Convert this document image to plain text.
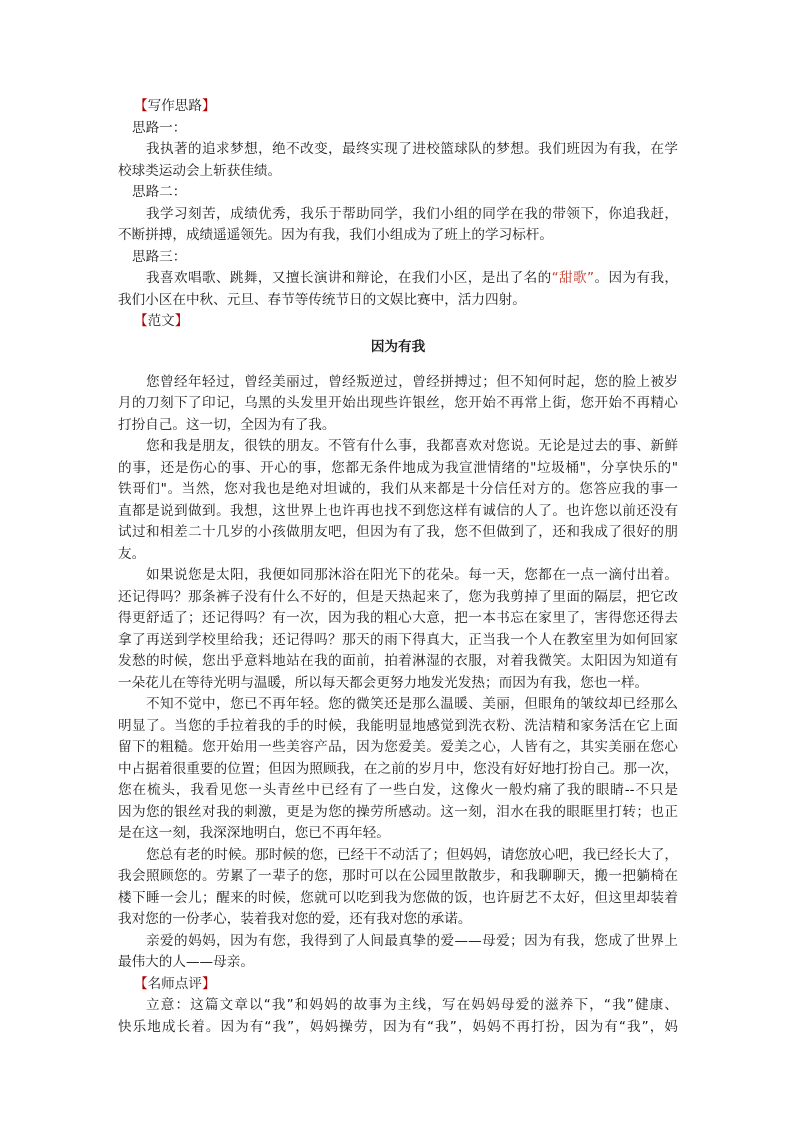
【写作思路】
思路一：
我执著的追求梦想，绝不改变，最终实现了进校篮球队的梦想。我们班因为有我，在学
校球类运动会上斩获佳绩。
思路二：
我学习刻苦，成绩优秀，我乐于帮助同学，我们小组的同学在我的带领下，你追我赶，
不断拼搏，成绩遥遥领先。因为有我，我们小组成为了班上的学习标杆。
思路三：
我喜欢唱歌、跳舞，又擅长演讲和辩论，在我们小区，是出了名的“甜歌”。因为有我，
我们小区在中秋、元旦、春节等传统节日的文娱比赛中，活力四射。
【范文】
因为有我
您曾经年轻过，曾经美丽过，曾经叛逆过，曾经拼搏过；但不知何时起，您的脸上被岁
月的刀刻下了印记，乌黑的头发里开始出现些许银丝，您开始不再常上街，您开始不再精心
打扮自己。这一切，全因为有了我。
您和我是朋友，很铁的朋友。不管有什么事，我都喜欢对您说。无论是过去的事、新鲜
的事，还是伤心的事、开心的事，您都无条件地成为我宣泄情绪的"垃圾桶"，分享快乐的"
铁哥们"。当然，您对我也是绝对坦诚的，我们从来都是十分信任对方的。您答应我的事一
直都是说到做到。我想，这世界上也许再也找不到您这样有诚信的人了。也许您以前还没有
试过和相差二十几岁的小孩做朋友吧，但因为有了我，您不但做到了，还和我成了很好的朋
友。
如果说您是太阳，我便如同那沐浴在阳光下的花朵。每一天，您都在一点一滴付出着。
还记得吗？那条裤子没有什么不好的，但是天热起来了，您为我剪掉了里面的隔层，把它改
得更舒适了；还记得吗？有一次，因为我的粗心大意，把一本书忘在家里了，害得您还得去
拿了再送到学校里给我；还记得吗？那天的雨下得真大，正当我一个人在教室里为如何回家
发愁的时候，您出乎意料地站在我的面前，拍着淋湿的衣服，对着我微笑。太阳因为知道有
一朵花儿在等待光明与温暖，所以每天都会更努力地发光发热；而因为有我，您也一样。
不知不觉中，您已不再年轻。您的微笑还是那么温暖、美丽，但眼角的皱纹却已经那么
明显了。当您的手拉着我的手的时候，我能明显地感觉到洗衣粉、洗洁精和家务活在它上面
留下的粗糙。您开始用一些美容产品，因为您爱美。爱美之心，人皆有之，其实美丽在您心
中占据着很重要的位置；但因为照顾我，在之前的岁月中，您没有好好地打扮自己。那一次，
您在梳头，我看见您一头青丝中已经有了一些白发，这像火一般灼痛了我的眼睛--不只是
因为您的银丝对我的刺激，更是为您的操劳所感动。这一刻，泪水在我的眼眶里打转；也正
是在这一刻，我深深地明白，您已不再年轻。
您总有老的时候。那时候的您，已经干不动活了；但妈妈，请您放心吧，我已经长大了，
我会照顾您的。劳累了一辈子的您，那时可以在公园里散散步，和我聊聊天，搬一把躺椅在
楼下睡一会儿；醒来的时候，您就可以吃到我为您做的饭，也许厨艺不太好，但这里却装着
我对您的一份孝心，装着我对您的爱，还有我对您的承诺。
亲爱的妈妈，因为有您，我得到了人间最真挚的爱——母爱；因为有我，您成了世界上
最伟大的人——母亲。
【名师点评】
立意：这篇文章以“我”和妈妈的故事为主线，写在妈妈母爱的滋养下，“我”健康、
快乐地成长着。因为有“我”，妈妈操劳，因为有“我”，妈妈不再打扮，因为有“我”，妈
